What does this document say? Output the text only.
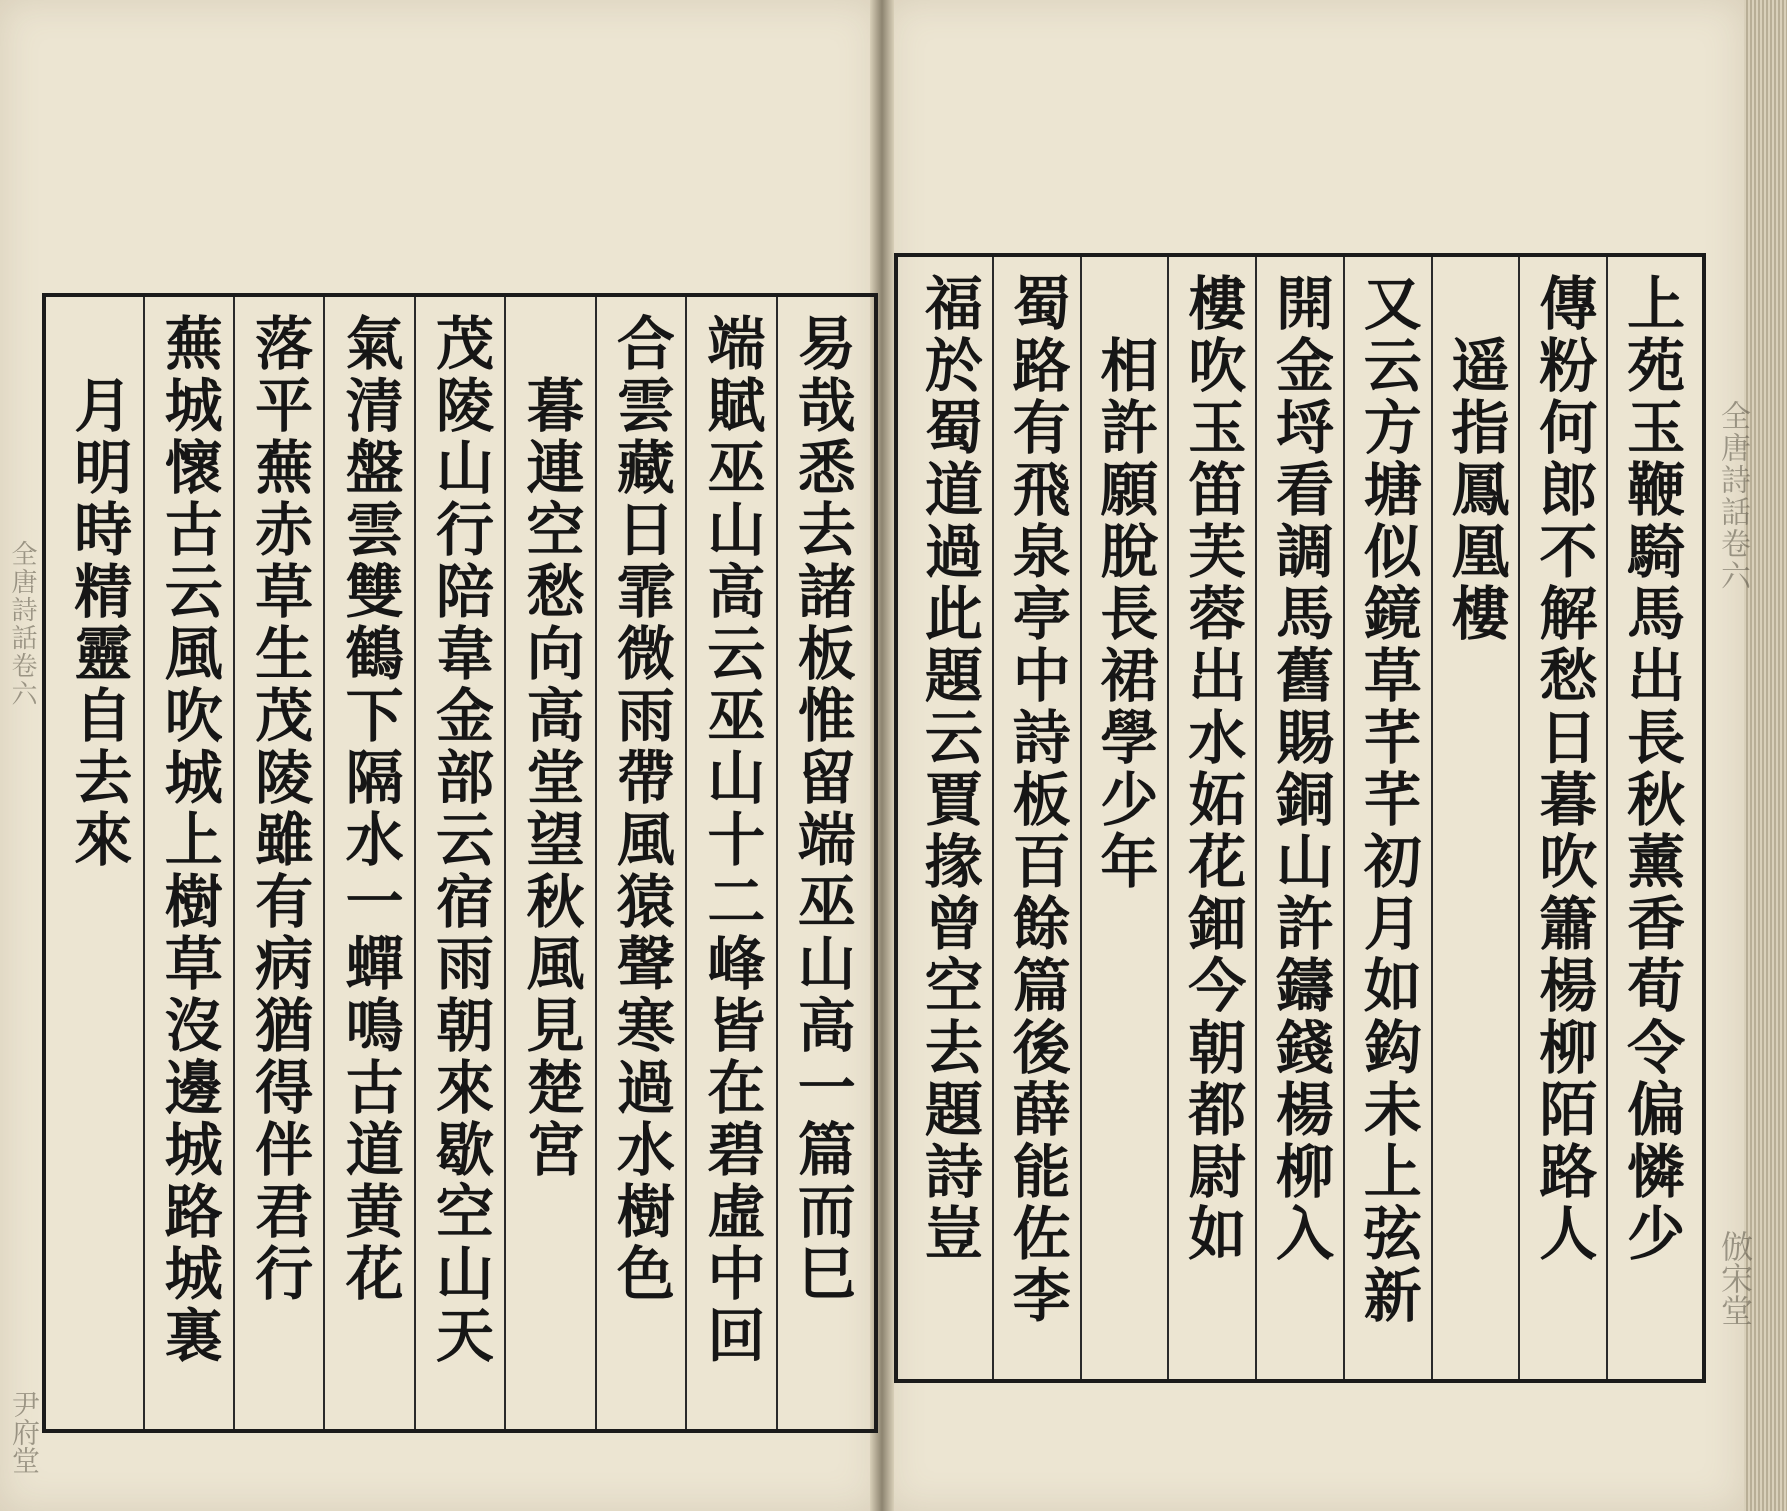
全唐詩話卷六
尹府堂
全唐詩話卷六
倣宋堂
易哉悉去諸板惟留端巫山高一篇而巳
端賦巫山高云巫山十二峰皆在碧虛中回
合雲藏日霏微雨帶風猿聲寒過水樹色
暮連空愁向高堂望秋風見楚宮
茂陵山行陪韋金部云宿雨朝來歇空山天
氣清盤雲雙鶴下隔水一蟬鳴古道黄花
落平蕪赤草生茂陵雖有病猶得伴君行
蕪城懷古云風吹城上樹草沒邊城路城裏
月明時精靈自去來	上苑玉鞭騎馬出長秋薰香荀令偏憐少
傳粉何郎不解愁日暮吹簫楊柳陌路人
遥指鳳凰樓
又云方塘似鏡草芊芊初月如鈎未上弦新
開金埒看調馬舊賜銅山許鑄錢楊柳入
樓吹玉笛芙蓉出水妬花鈿今朝都尉如
相許願脫長裙學少年
蜀路有飛泉亭中詩板百餘篇後薛能佐李
福於蜀道過此題云賈掾曾空去題詩豈
